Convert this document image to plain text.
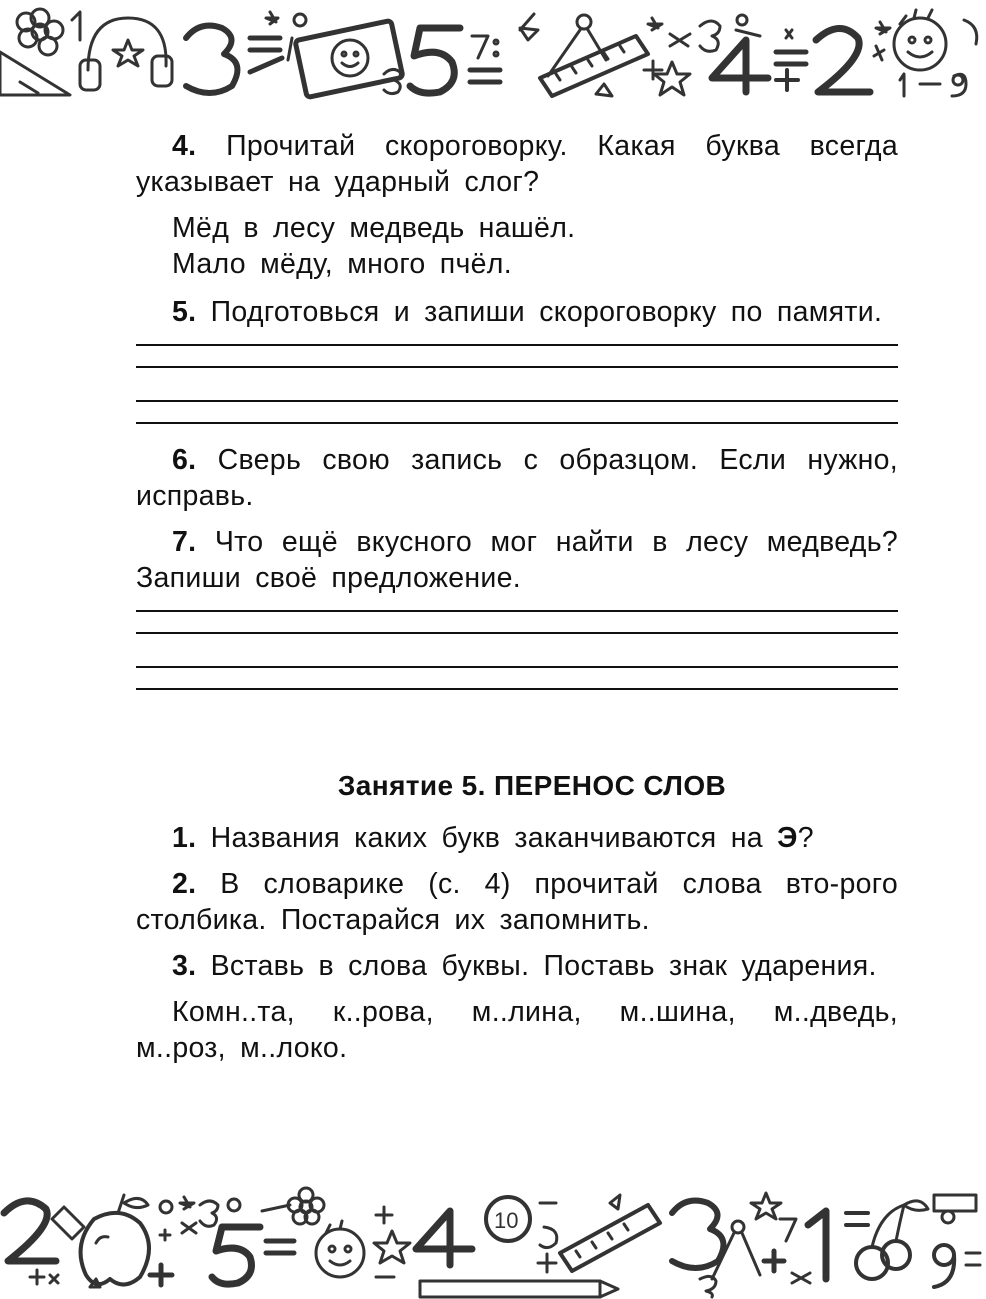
4. Прочитай скороговорку. Какая буква всегда указывает на ударный слог?

Мёд в лесу медведь нашёл.

Мало мёду, много пчёл.

5. Подготовься и запиши скороговорку по памяти.

6. Сверь свою запись с образцом. Если нужно, исправь.

7. Что ещё вкусного мог найти в лесу медведь? Запиши своё предложение.

Занятие 5. ПЕРЕНОС СЛОВ

1. Названия каких букв заканчиваются на Э?

2. В словарике (с. 4) прочитай слова вто-рого столбика. Постарайся их запомнить.

3. Вставь в слова буквы. Поставь знак ударения.

Комн..та, к..рова, м..лина, м..шина, м..дведь, м..роз, м..локо.

10
